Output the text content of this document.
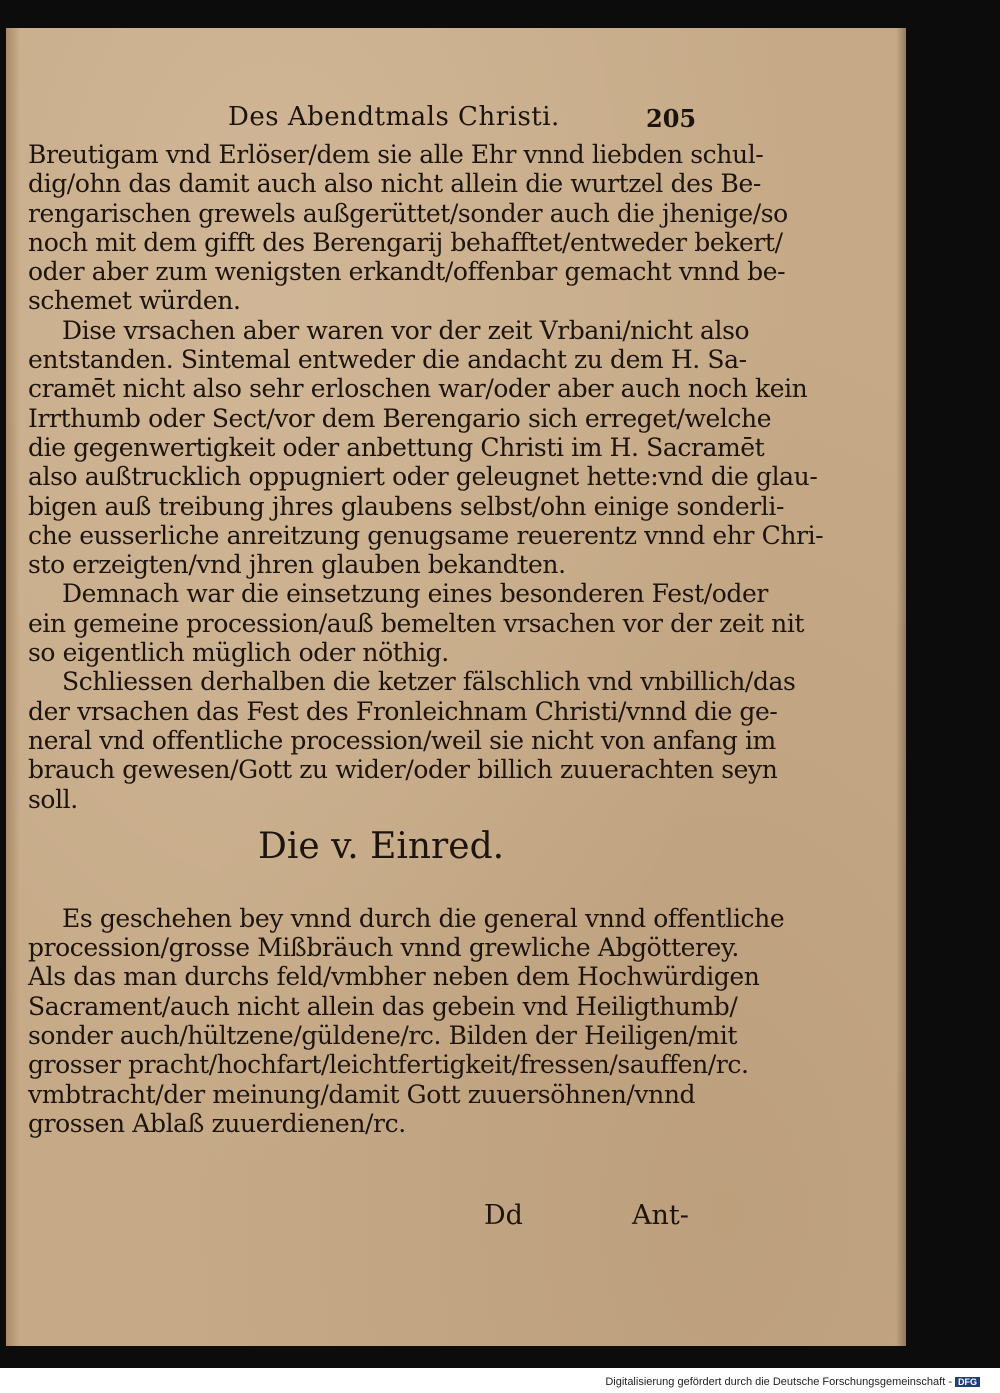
Des Abendtmals Christi.	205
Breutigam vnd Erlöser/dem sie alle Ehr vnnd liebden schul-
dig/ohn das damit auch also nicht allein die wurtzel des Be-
rengarischen grewels außgerüttet/sonder auch die jhenige/so
noch mit dem gifft des Berengarij behafftet/entweder bekert/
oder aber zum wenigsten erkandt/offenbar gemacht vnnd be-
schemet würden.
Dise vrsachen aber waren vor der zeit Vrbani/nicht also
entstanden. Sintemal entweder die andacht zu dem H. Sa-
cramēt nicht also sehr erloschen war/oder aber auch noch kein
Irrthumb oder Sect/vor dem Berengario sich erreget/welche
die gegenwertigkeit oder anbettung Christi im H. Sacramēt
also außtrucklich oppugniert oder geleugnet hette:vnd die glau-
bigen auß treibung jhres glaubens selbst/ohn einige sonderli-
che eusserliche anreitzung genugsame reuerentz vnnd ehr Chri-
sto erzeigten/vnd jhren glauben bekandten.
Demnach war die einsetzung eines besonderen Fest/oder
ein gemeine procession/auß bemelten vrsachen vor der zeit nit
so eigentlich müglich oder nöthig.
Schliessen derhalben die ketzer fälschlich vnd vnbillich/das
der vrsachen das Fest des Fronleichnam Christi/vnnd die ge-
neral vnd offentliche procession/weil sie nicht von anfang im
brauch gewesen/Gott zu wider/oder billich zuuerachten seyn
soll.
Die v. Einred.
Es geschehen bey vnnd durch die general vnnd offentliche
procession/grosse Mißbräuch vnnd grewliche Abgötterey.
Als das man durchs feld/vmbher neben dem Hochwürdigen
Sacrament/auch nicht allein das gebein vnd Heiligthumb/
sonder auch/hültzene/güldene/rc. Bilden der Heiligen/mit
grosser pracht/hochfart/leichtfertigkeit/fressen/sauffen/rc.
vmbtracht/der meinung/damit Gott zuuersöhnen/vnnd
grossen Ablaß zuuerdienen/rc.
Dd	Ant-
Digitalisierung gefördert durch die Deutsche Forschungsgemeinschaft - DFG
